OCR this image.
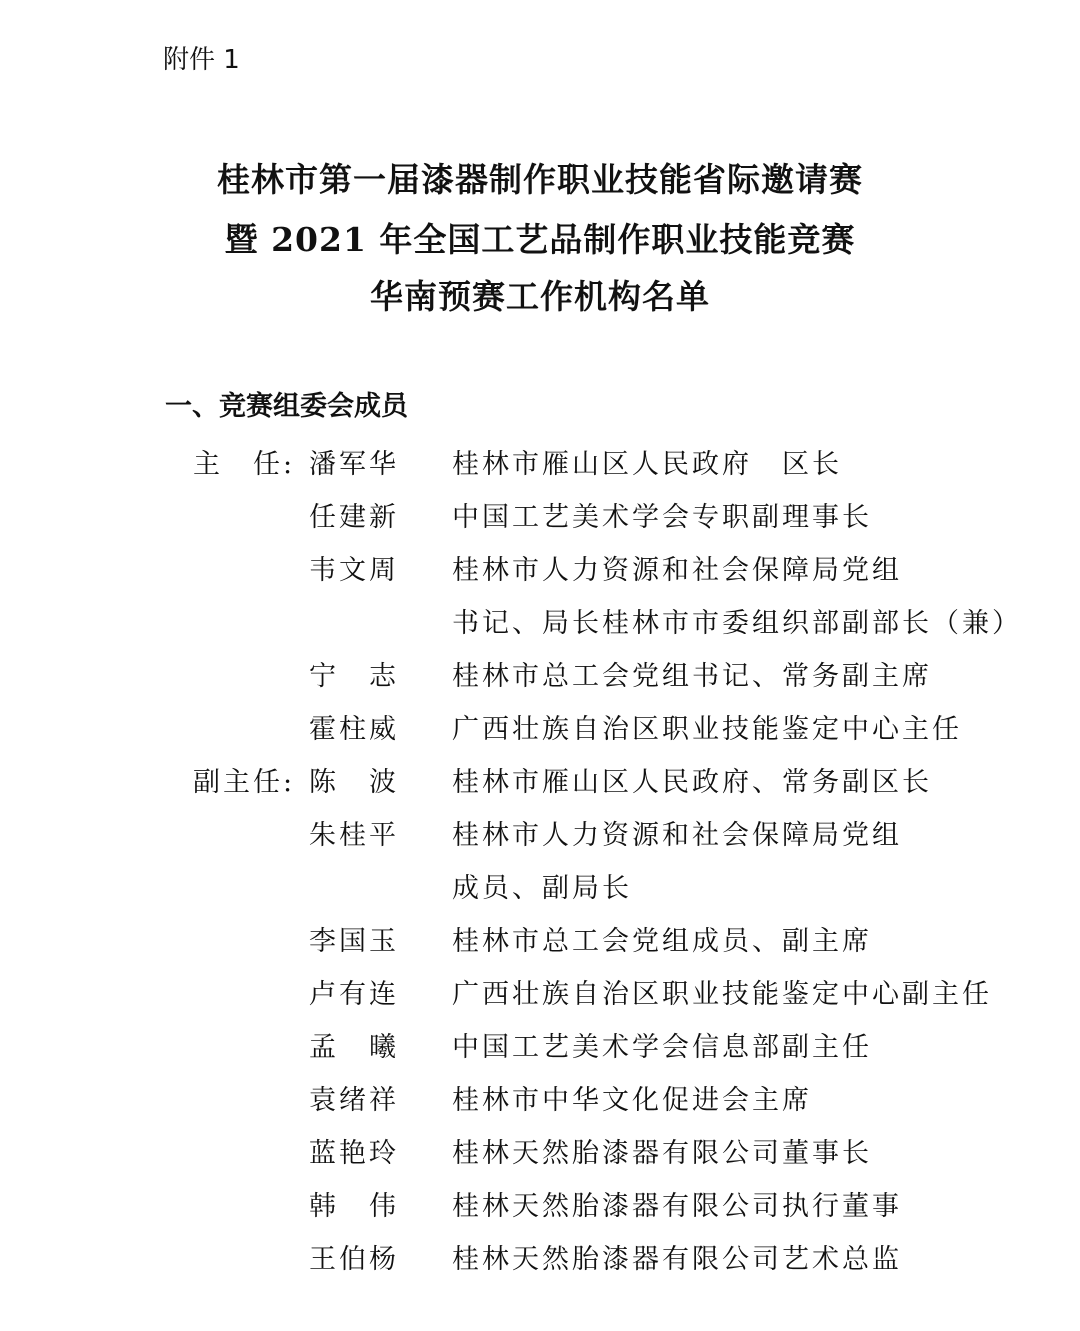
附件 1
桂林市第一届漆器制作职业技能省际邀请赛
暨 2021 年全国工艺品制作职业技能竞赛
华南预赛工作机构名单
一、竞赛组委会成员
主　任: 潘军华	桂林市雁山区人民政府　区长
任建新	中国工艺美术学会专职副理事长
韦文周	桂林市人力资源和社会保障局党组
书记、局长桂林市市委组织部副部长（兼）
宁　志	桂林市总工会党组书记、常务副主席
霍柱威	广西壮族自治区职业技能鉴定中心主任
副主任: 陈　波	桂林市雁山区人民政府、常务副区长
朱桂平	桂林市人力资源和社会保障局党组
成员、副局长
李国玉	桂林市总工会党组成员、副主席
卢有连	广西壮族自治区职业技能鉴定中心副主任
孟　曦	中国工艺美术学会信息部副主任
袁绪祥	桂林市中华文化促进会主席
蓝艳玲	桂林天然胎漆器有限公司董事长
韩　伟	桂林天然胎漆器有限公司执行董事
王伯杨	桂林天然胎漆器有限公司艺术总监
